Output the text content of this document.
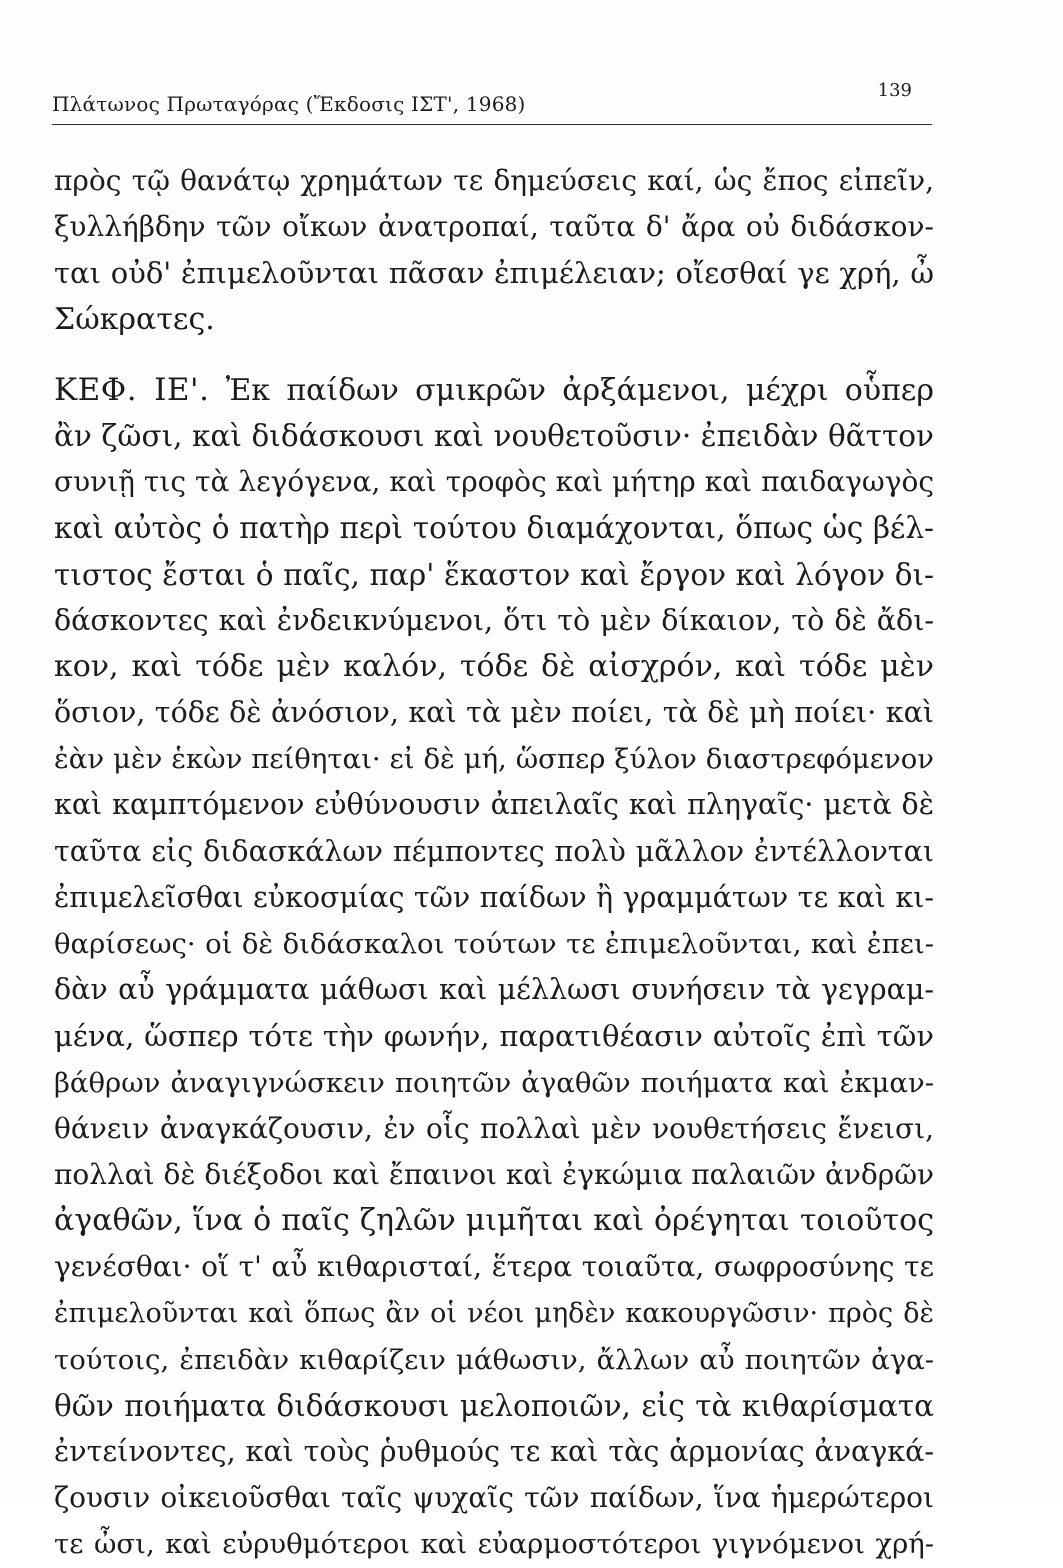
Πλάτωνος Πρωταγόρας (Ἔκδοσις ΙΣΤ', 1968)
139
πρὸς τῷ θανάτῳ χρημάτων τε δημεύσεις καί, ὡς ἔπος εἰπεῖν,
ξυλλήβδην τῶν οἴκων ἀνατροπαί, ταῦτα δ' ἄρα οὐ διδάσκον-
ται οὐδ' ἐπιμελοῦνται πᾶσαν ἐπιμέλειαν; οἴεσθαί γε χρή, ὦ
Σώκρατες.
ΚΕΦ. ΙΕ'. Ἐκ παίδων σμικρῶν ἀρξάμενοι, μέχρι οὗπερ
ἂν ζῶσι, καὶ διδάσκουσι καὶ νουθετοῦσιν· ἐπειδὰν θᾶττον
συνιῇ τις τὰ λεγόγενα, καὶ τροφὸς καὶ μήτηρ καὶ παιδαγωγὸς
καὶ αὐτὸς ὁ πατὴρ περὶ τούτου διαμάχονται, ὅπως ὡς βέλ-
τιστος ἔσται ὁ παῖς, παρ' ἕκαστον καὶ ἔργον καὶ λόγον δι-
δάσκοντες καὶ ἐνδεικνύμενοι, ὅτι τὸ μὲν δίκαιον, τὸ δὲ ἄδι-
κον, καὶ τόδε μὲν καλόν, τόδε δὲ αἰσχρόν, καὶ τόδε μὲν
ὅσιον, τόδε δὲ ἀνόσιον, καὶ τὰ μὲν ποίει, τὰ δὲ μὴ ποίει· καὶ
ἐὰν μὲν ἑκὼν πείθηται· εἰ δὲ μή, ὥσπερ ξύλον διαστρεφόμενον
καὶ καμπτόμενον εὐθύνουσιν ἀπειλαῖς καὶ πληγαῖς· μετὰ δὲ
ταῦτα εἰς διδασκάλων πέμποντες πολὺ μᾶλλον ἐντέλλονται
ἐπιμελεῖσθαι εὐκοσμίας τῶν παίδων ἢ γραμμάτων τε καὶ κι-
θαρίσεως· οἱ δὲ διδάσκαλοι τούτων τε ἐπιμελοῦνται, καὶ ἐπει-
δὰν αὖ γράμματα μάθωσι καὶ μέλλωσι συνήσειν τὰ γεγραμ-
μένα, ὥσπερ τότε τὴν φωνήν, παρατιθέασιν αὐτοῖς ἐπὶ τῶν
βάθρων ἀναγιγνώσκειν ποιητῶν ἀγαθῶν ποιήματα καὶ ἐκμαν-
θάνειν ἀναγκάζουσιν, ἐν οἷς πολλαὶ μὲν νουθετήσεις ἔνεισι,
πολλαὶ δὲ διέξοδοι καὶ ἔπαινοι καὶ ἐγκώμια παλαιῶν ἀνδρῶν
ἀγαθῶν, ἵνα ὁ παῖς ζηλῶν μιμῆται καὶ ὀρέγηται τοιοῦτος
γενέσθαι· οἵ τ' αὖ κιθαρισταί, ἕτερα τοιαῦτα, σωφροσύνης τε
ἐπιμελοῦνται καὶ ὅπως ἂν οἱ νέοι μηδὲν κακουργῶσιν· πρὸς δὲ
τούτοις, ἐπειδὰν κιθαρίζειν μάθωσιν, ἄλλων αὖ ποιητῶν ἀγα-
θῶν ποιήματα διδάσκουσι μελοποιῶν, εἰς τὰ κιθαρίσματα
ἐντείνοντες, καὶ τοὺς ῥυθμούς τε καὶ τὰς ἁρμονίας ἀναγκά-
ζουσιν οἰκειοῦσθαι ταῖς ψυχαῖς τῶν παίδων, ἵνα ἡμερώτεροι
τε ὦσι, καὶ εὐρυθμότεροι καὶ εὐαρμοστότεροι γιγνόμενοι χρή-
